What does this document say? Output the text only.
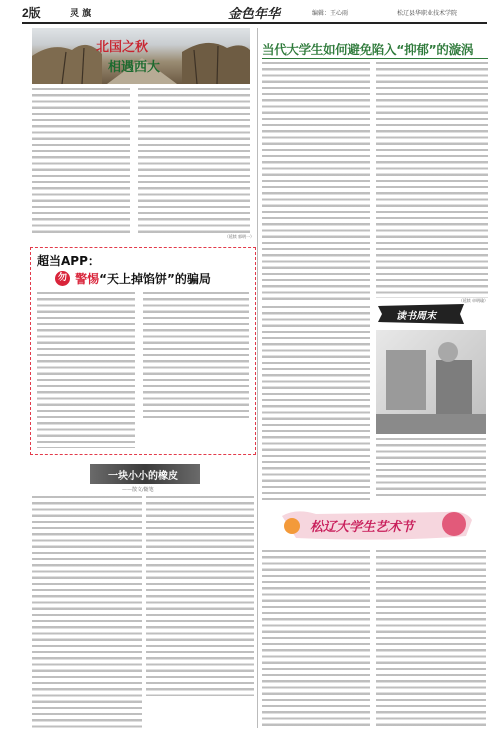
2版	灵 旗	金色年华	编辑：王心雨	松辽县华职业技术学院
北国之秋
相遇西大
（延续 郭明一）
当代大学生如何避免陷入“抑郁”的漩涡
（延续 卓明瑜）
超当APP：
勿 警惕“天上掉馅饼”的骗局
读书周末
一块小小的橡皮
——散文/随笔
松辽大学生艺术节
